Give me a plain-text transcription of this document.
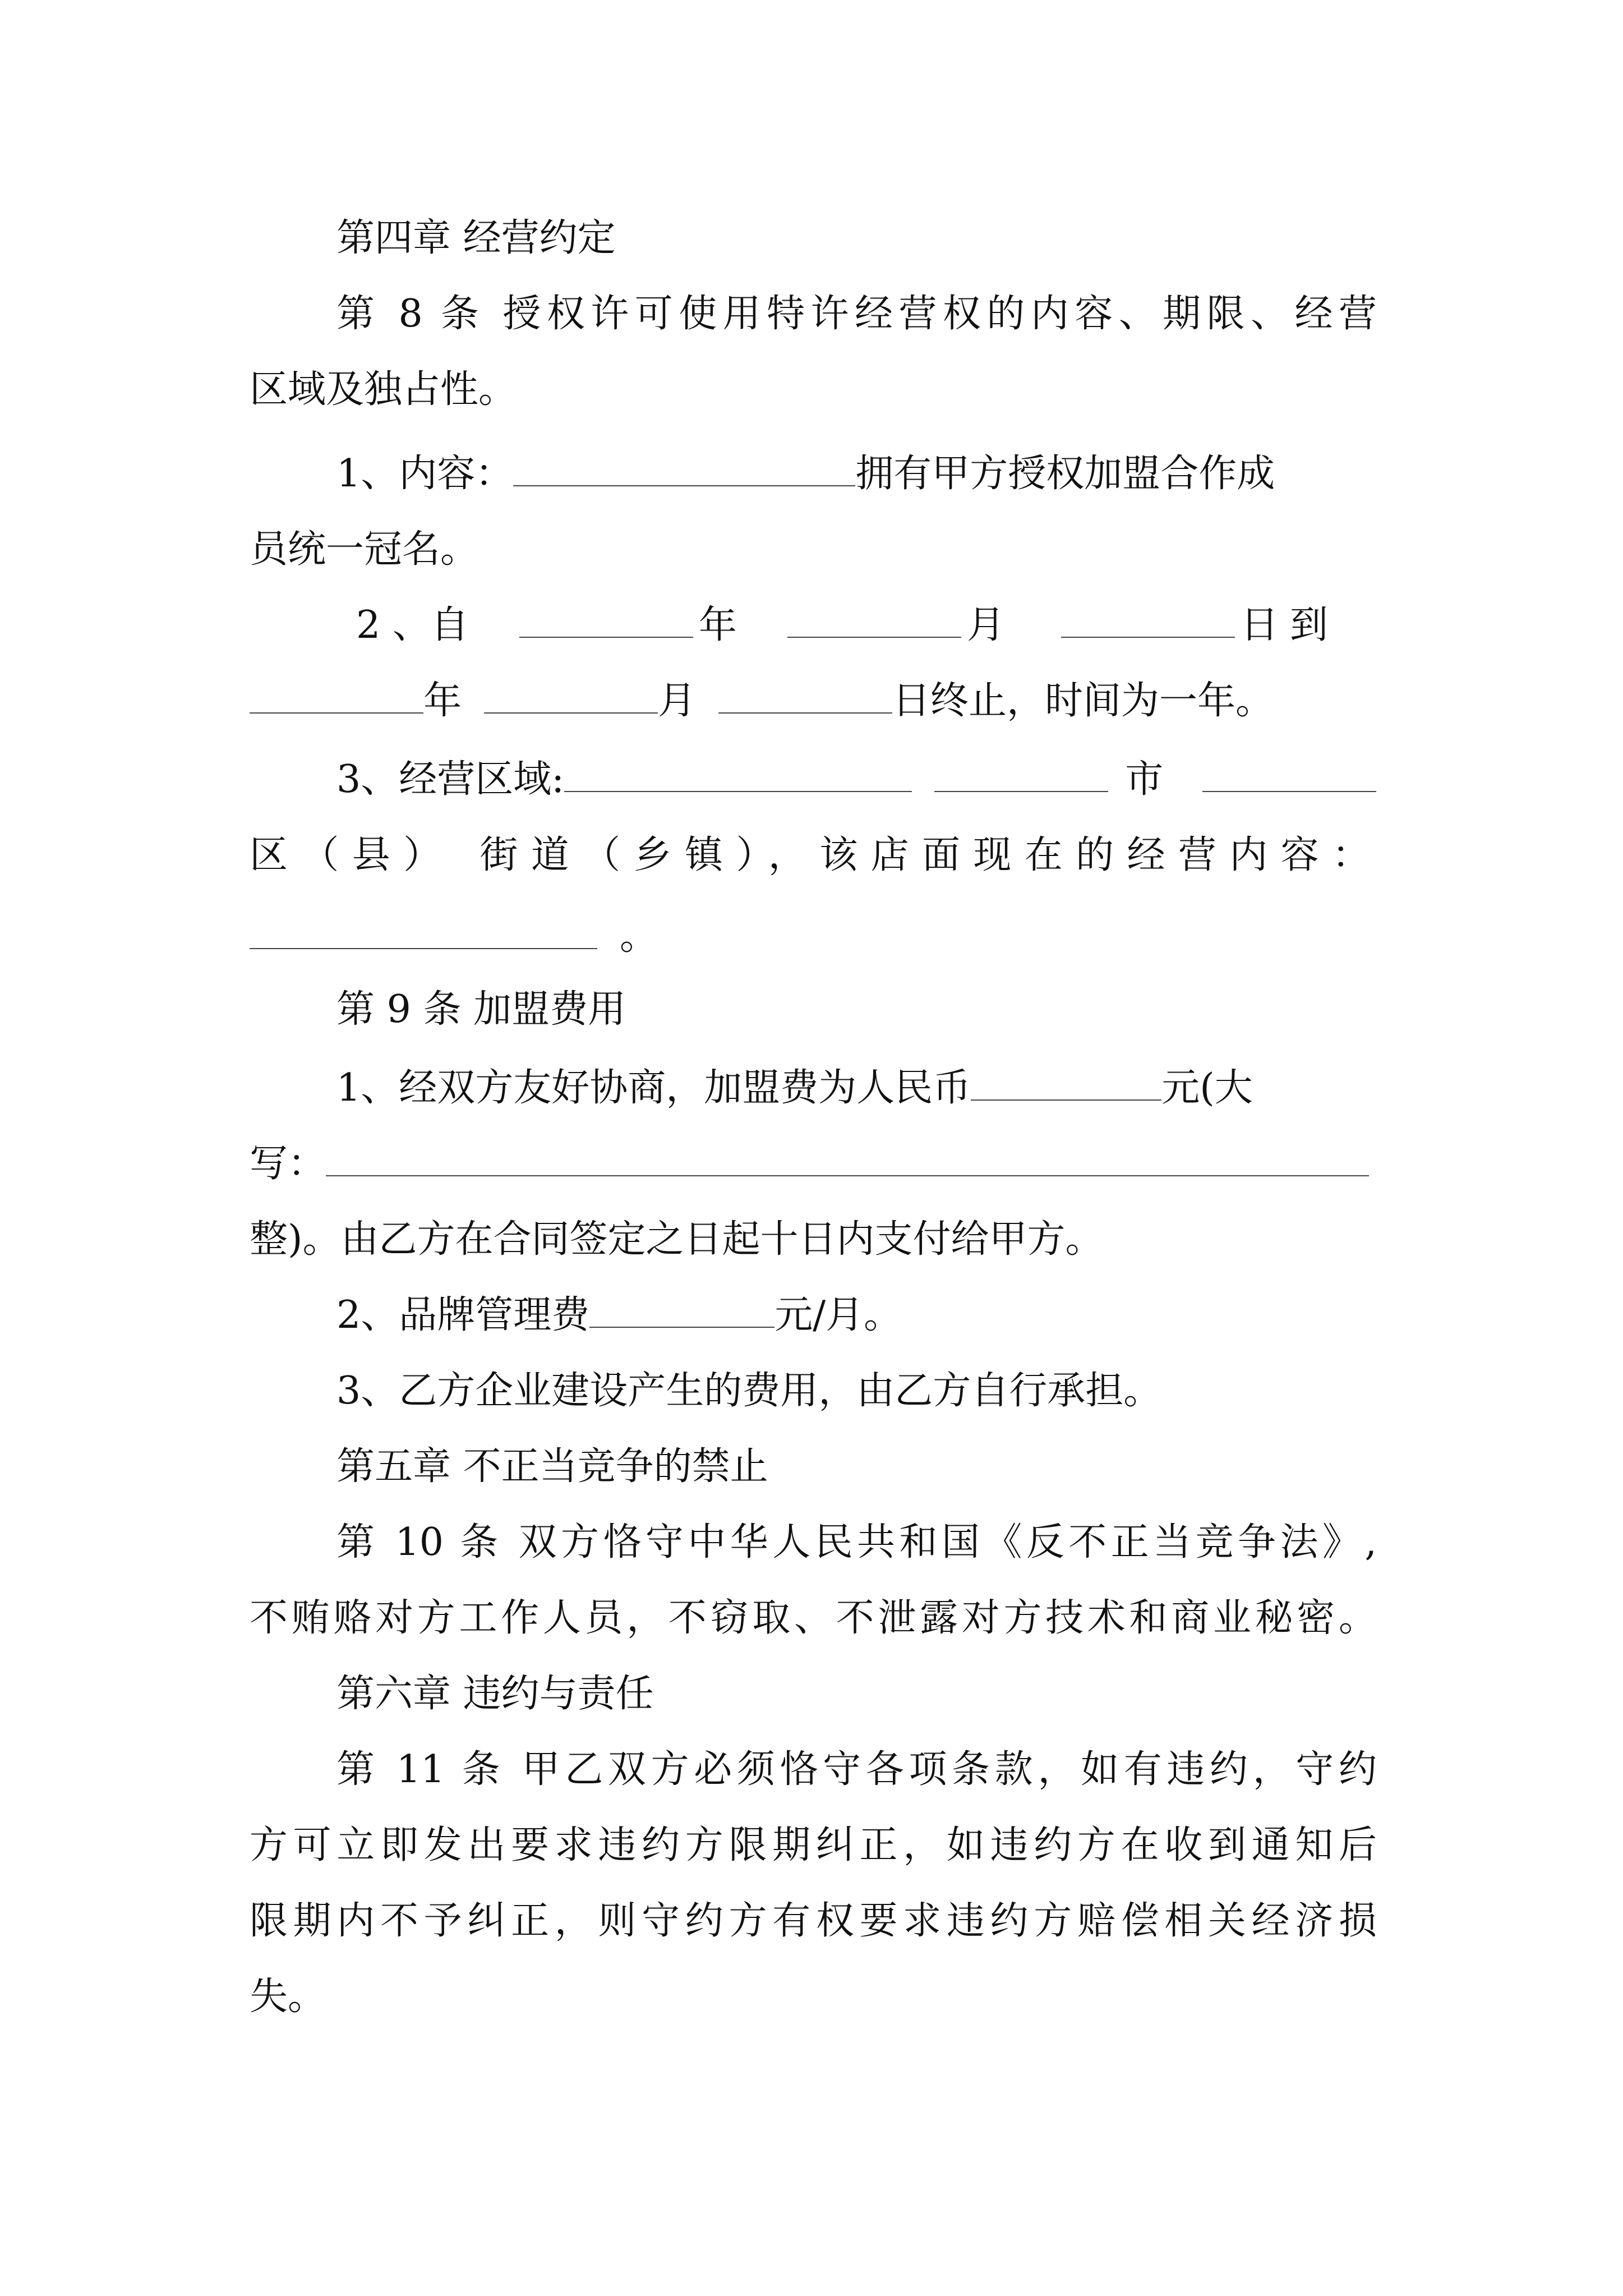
第四章 经营约定
第 8 条 授权许可使用特许经营权的内容、期限、经营
区域及独占性。
1、内容：	拥有甲方授权加盟合作成
员统一冠名。
2 、自	年	月	日到
年	月	日终止，时间为一年。
3、经营区域:	市
区（县） 街道（乡镇），该店面现在的经营内容：
。
第 9 条 加盟费用
1、经双方友好协商，加盟费为人民币	元(大
写：
整)。由乙方在合同签定之日起十日内支付给甲方。
2、品牌管理费	元/月。
3、乙方企业建设产生的费用，由乙方自行承担。
第五章 不正当竞争的禁止
第 10 条 双方恪守中华人民共和国《反不正当竞争法》,
不贿赂对方工作人员，不窃取、不泄露对方技术和商业秘密。
第六章 违约与责任
第 11 条 甲乙双方必须恪守各项条款，如有违约，守约
方可立即发出要求违约方限期纠正，如违约方在收到通知后
限期内不予纠正，则守约方有权要求违约方赔偿相关经济损
失。
